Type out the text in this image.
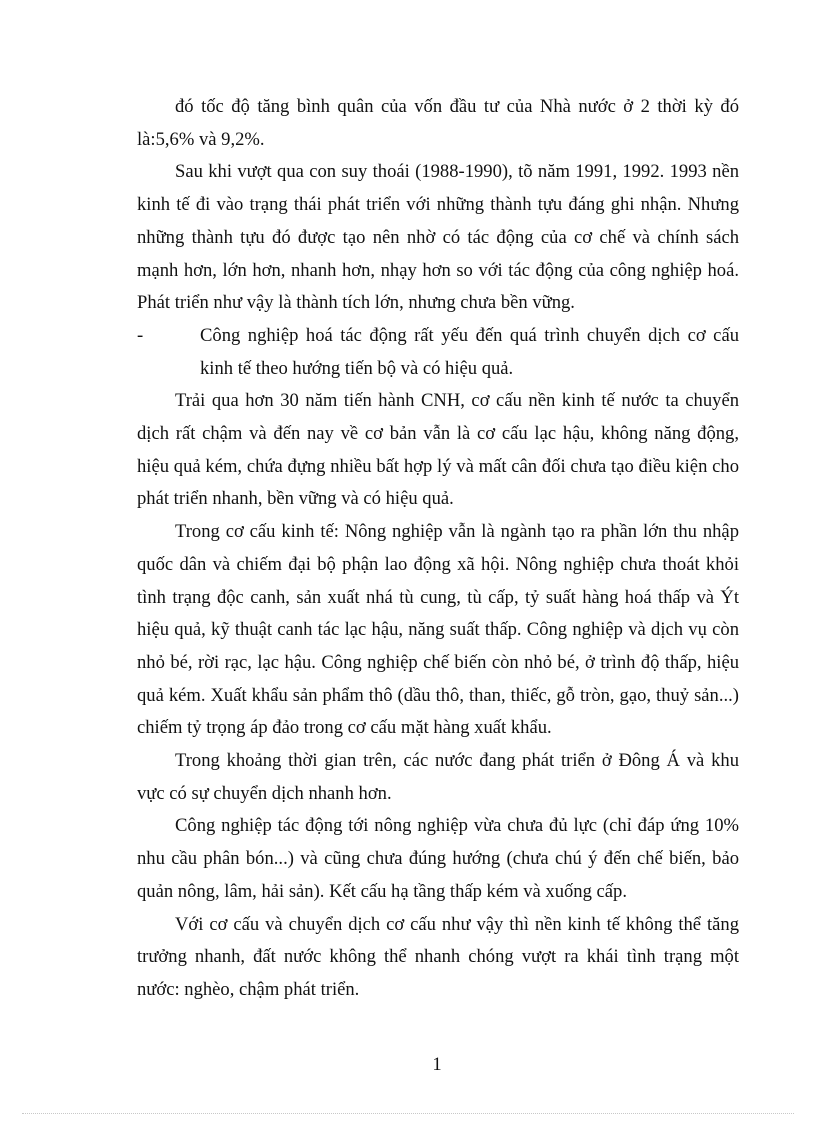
đó tốc độ tăng bình quân của vốn đầu tư của Nhà nước ở 2 thời kỳ đó là:5,6% và 9,2%.

Sau khi vượt qua con suy thoái (1988-1990), tõ năm 1991, 1992. 1993 nền kinh tế đi vào trạng thái phát triển với những thành tựu đáng ghi nhận. Nhưng những thành tựu đó được tạo nên nhờ có tác động của cơ chế và chính sách mạnh hơn, lớn hơn, nhanh hơn, nhạy hơn so với tác động của công nghiệp hoá. Phát triển như vậy là thành tích lớn, nhưng chưa bền vững.

-	Công nghiệp hoá tác động rất yếu đến quá trình chuyển dịch cơ cấu kinh tế theo hướng tiến bộ và có hiệu quả.

Trải qua hơn 30 năm tiến hành CNH, cơ cấu nền kinh tế nước ta chuyển dịch rất chậm và đến nay về cơ bản vẫn là cơ cấu lạc hậu, không năng động, hiệu quả kém, chứa đựng nhiều bất hợp lý và mất cân đối chưa tạo điều kiện cho phát triển nhanh, bền vững và có hiệu quả.

Trong cơ cấu kinh tế: Nông nghiệp vẫn là ngành tạo ra phần lớn thu nhập quốc dân và chiếm đại bộ phận lao động xã hội. Nông nghiệp chưa thoát khỏi tình trạng độc canh, sản xuất nhá tù cung, tù cấp, tỷ suất hàng hoá thấp và Ýt hiệu quả, kỹ thuật canh tác lạc hậu, năng suất thấp. Công nghiệp và dịch vụ còn nhỏ bé, rời rạc, lạc hậu. Công nghiệp chế biến còn nhỏ bé, ở trình độ thấp, hiệu quả kém. Xuất khẩu sản phẩm thô (dầu thô, than, thiếc, gỗ tròn, gạo, thuỷ sản...) chiếm tỷ trọng áp đảo trong cơ cấu mặt hàng xuất khẩu.

Trong khoảng thời gian trên, các nước đang phát triển ở Đông Á và khu vực có sự chuyển dịch nhanh hơn.

Công nghiệp tác động tới nông nghiệp vừa chưa đủ lực (chỉ đáp ứng 10% nhu cầu phân bón...) và cũng chưa đúng hướng (chưa chú ý đến chế biến, bảo quản nông, lâm, hải sản). Kết cấu hạ tầng thấp kém và xuống cấp.

Với cơ cấu và chuyển dịch cơ cấu như vậy thì nền kinh tế không thể tăng trưởng nhanh, đất nước không thể nhanh chóng vượt ra khái tình trạng một nước: nghèo, chậm phát triển.

1
